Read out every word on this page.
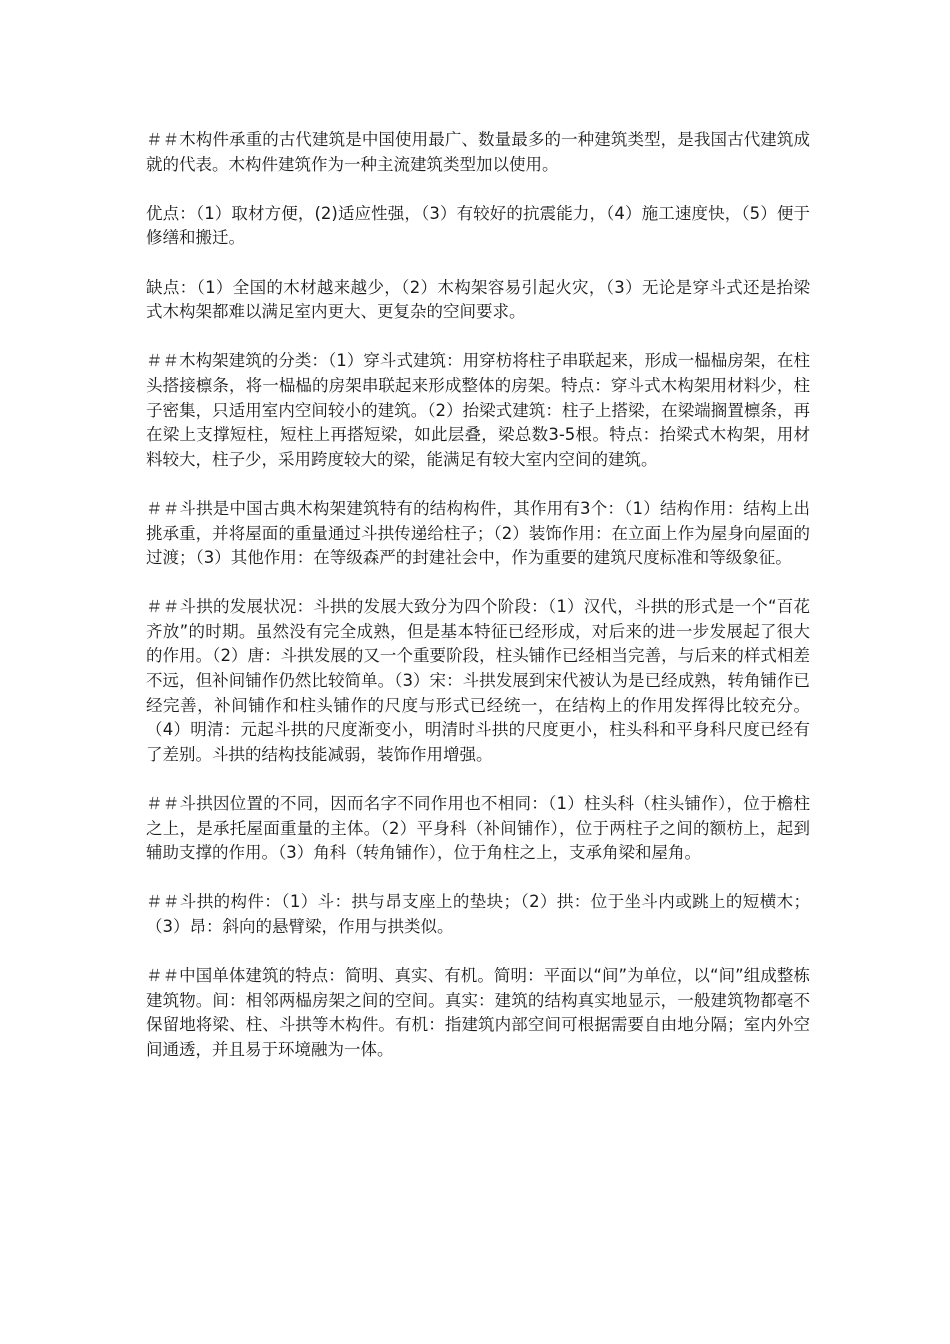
＃＃木构件承重的古代建筑是中国使用最广、数量最多的一种建筑类型，是我国古代建筑成就的代表。木构件建筑作为一种主流建筑类型加以使用。

优点：（1）取材方便，(2)适应性强，（3）有较好的抗震能力，（4）施工速度快，（5）便于修缮和搬迁。

缺点：（1）全国的木材越来越少，（2）木构架容易引起火灾，（3）无论是穿斗式还是抬梁式木构架都难以满足室内更大、更复杂的空间要求。

＃＃木构架建筑的分类：（1）穿斗式建筑：用穿枋将柱子串联起来，形成一榀榀房架，在柱头搭接檩条，将一榀榀的房架串联起来形成整体的房架。特点：穿斗式木构架用材料少，柱子密集，只适用室内空间较小的建筑。（2）抬梁式建筑：柱子上搭梁，在梁端搁置檩条，再在梁上支撑短柱，短柱上再搭短梁，如此层叠，梁总数3-5根。特点：抬梁式木构架，用材料较大，柱子少，采用跨度较大的梁，能满足有较大室内空间的建筑。

＃＃斗拱是中国古典木构架建筑特有的结构构件，其作用有3个：（1）结构作用：结构上出挑承重，并将屋面的重量通过斗拱传递给柱子；（2）装饰作用：在立面上作为屋身向屋面的过渡；（3）其他作用：在等级森严的封建社会中，作为重要的建筑尺度标准和等级象征。

＃＃斗拱的发展状况：斗拱的发展大致分为四个阶段：（1）汉代，斗拱的形式是一个“百花齐放”的时期。虽然没有完全成熟，但是基本特征已经形成，对后来的进一步发展起了很大的作用。（2）唐：斗拱发展的又一个重要阶段，柱头铺作已经相当完善，与后来的样式相差不远，但补间铺作仍然比较简单。（3）宋：斗拱发展到宋代被认为是已经成熟，转角铺作已经完善，补间铺作和柱头铺作的尺度与形式已经统一，在结构上的作用发挥得比较充分。（4）明清：元起斗拱的尺度渐变小，明清时斗拱的尺度更小，柱头科和平身科尺度已经有了差别。斗拱的结构技能减弱，装饰作用增强。

＃＃斗拱因位置的不同，因而名字不同作用也不相同：（1）柱头科（柱头铺作），位于檐柱之上，是承托屋面重量的主体。（2）平身科（补间铺作），位于两柱子之间的额枋上，起到辅助支撑的作用。（3）角科（转角铺作），位于角柱之上，支承角梁和屋角。

＃＃斗拱的构件：（1）斗：拱与昂支座上的垫块；（2）拱：位于坐斗内或跳上的短横木；（3）昂：斜向的悬臂梁，作用与拱类似。

＃＃中国单体建筑的特点：简明、真实、有机。简明：平面以“间”为单位，以“间”组成整栋建筑物。间：相邻两榀房架之间的空间。真实：建筑的结构真实地显示，一般建筑物都毫不保留地将梁、柱、斗拱等木构件。有机：指建筑内部空间可根据需要自由地分隔；室内外空间通透，并且易于环境融为一体。
